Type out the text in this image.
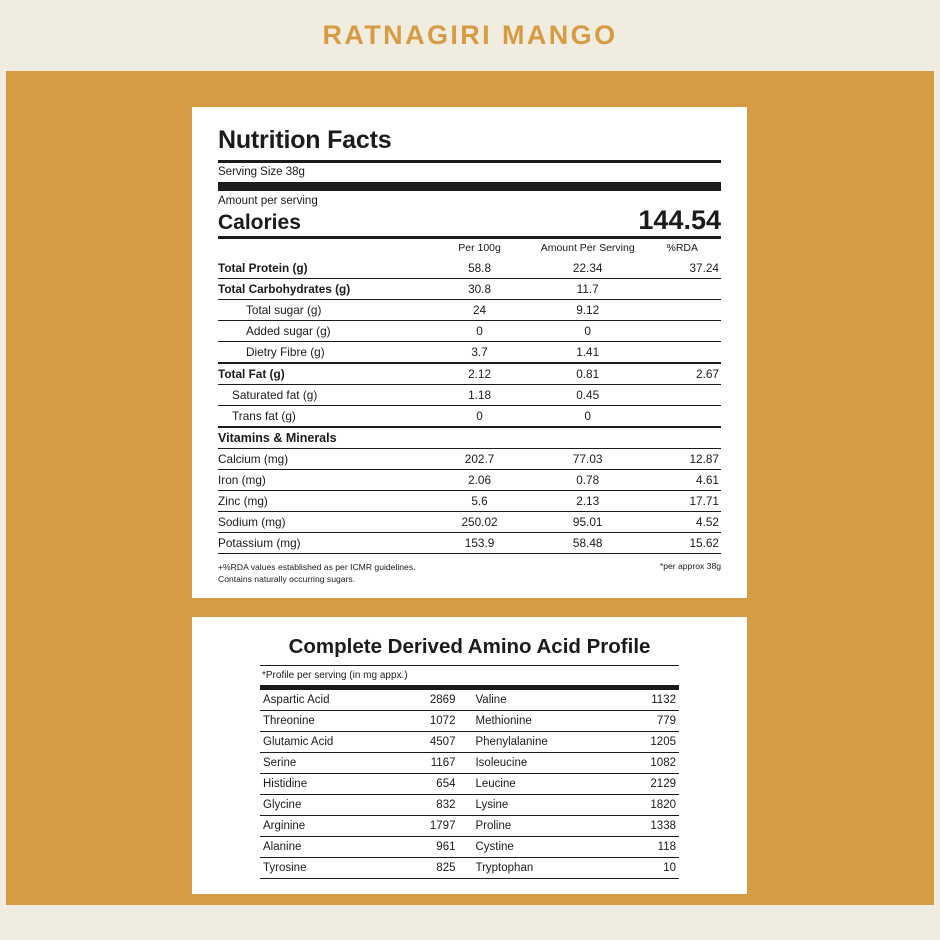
RATNAGIRI MANGO
Nutrition Facts
Serving Size 38g
Amount per serving
Calories	144.54
	Per 100g	Amount Per Serving	%RDA
Total Protein (g)	58.8	22.34	37.24
Total Carbohydrates (g)	30.8	11.7	
Total sugar (g)	24	9.12	
Added sugar (g)	0	0	
Dietry Fibre (g)	3.7	1.41	
Total Fat (g)	2.12	0.81	2.67
Saturated fat (g)	1.18	0.45	
Trans fat (g)	0	0	
Vitamins & Minerals			
Calcium (mg)	202.7	77.03	12.87
Iron (mg)	2.06	0.78	4.61
Zinc (mg)	5.6	2.13	17.71
Sodium (mg)	250.02	95.01	4.52
Potassium (mg)	153.9	58.48	15.62
+%RDA values established as per ICMR guidelines.
Contains naturally occurring sugars.
*per approx 38g
Complete Derived Amino Acid Profile
*Profile per serving (in mg appx.)
Aspartic Acid	2869	Valine	1132
Threonine	1072	Methionine	779
Glutamic Acid	4507	Phenylalanine	1205
Serine	1167	Isoleucine	1082
Histidine	654	Leucine	2129
Glycine	832	Lysine	1820
Arginine	1797	Proline	1338
Alanine	961	Cystine	118
Tyrosine	825	Tryptophan	10
